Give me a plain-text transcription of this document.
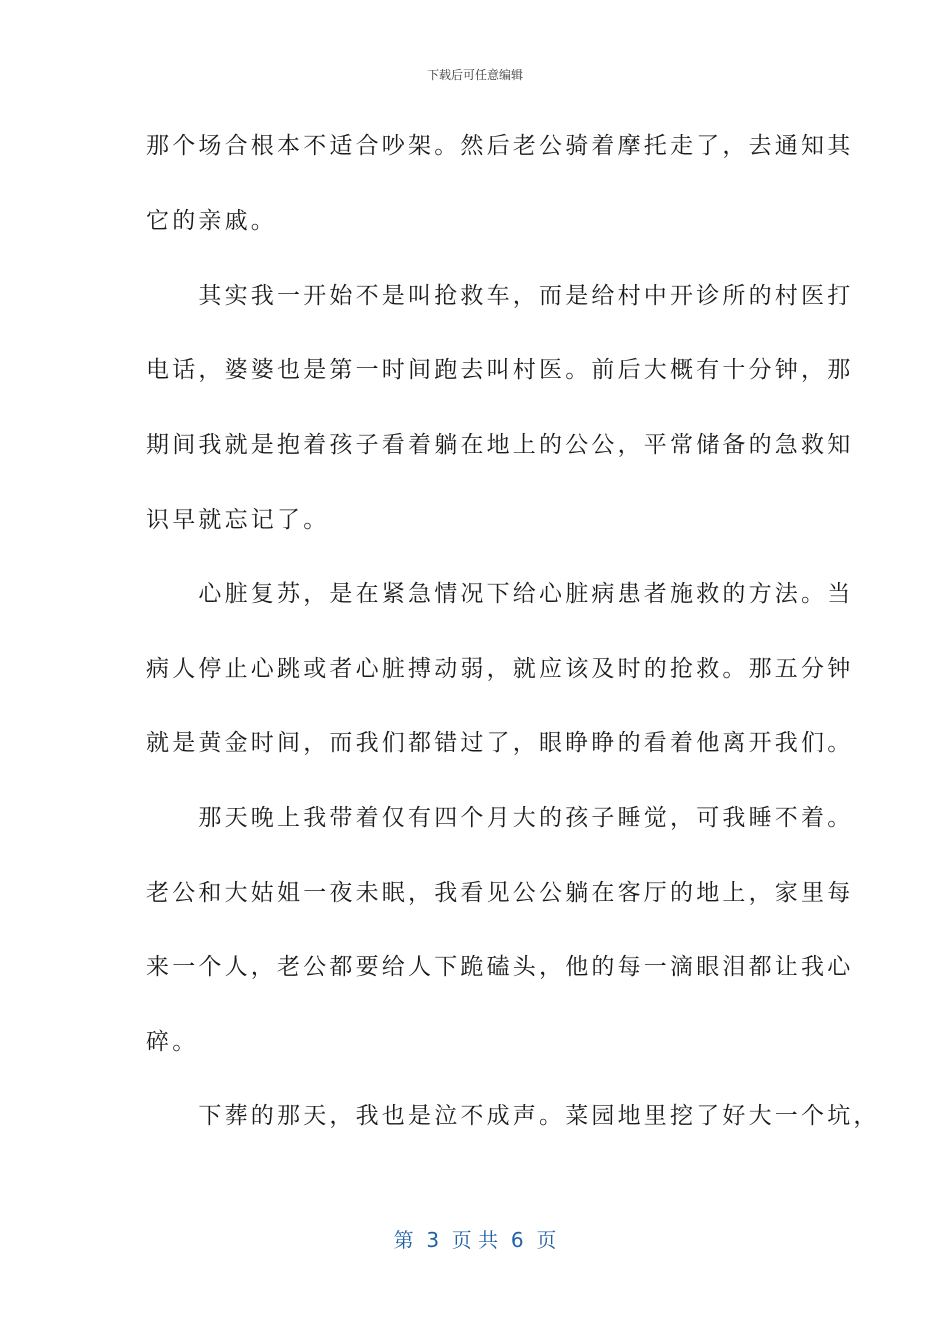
下载后可任意编辑
那个场合根本不适合吵架。然后老公骑着摩托走了，去通知其
它的亲戚。
　　其实我一开始不是叫抢救车，而是给村中开诊所的村医打
电话，婆婆也是第一时间跑去叫村医。前后大概有十分钟，那
期间我就是抱着孩子看着躺在地上的公公，平常储备的急救知
识早就忘记了。
　　心脏复苏，是在紧急情况下给心脏病患者施救的方法。当
病人停止心跳或者心脏搏动弱，就应该及时的抢救。那五分钟
就是黄金时间，而我们都错过了，眼睁睁的看着他离开我们。
　　那天晚上我带着仅有四个月大的孩子睡觉，可我睡不着。
老公和大姑姐一夜未眠，我看见公公躺在客厅的地上，家里每
来一个人，老公都要给人下跪磕头，他的每一滴眼泪都让我心
碎。
　　下葬的那天，我也是泣不成声。菜园地里挖了好大一个坑，
第  3  页 共  6  页
